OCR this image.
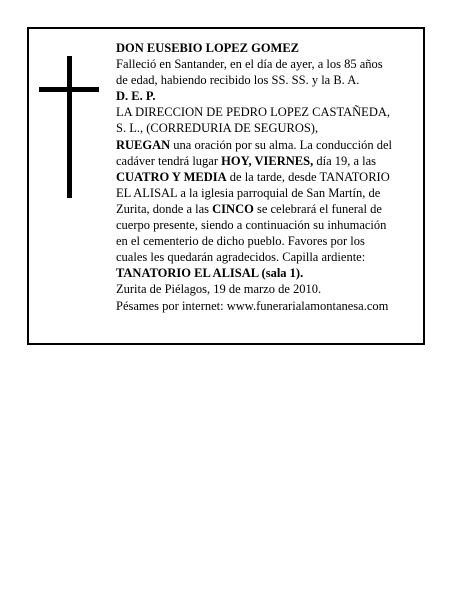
DON EUSEBIO LOPEZ GOMEZ
Falleció en Santander, en el día de ayer, a los 85 años
de edad, habiendo recibido los SS. SS. y la B. A.
D. E. P.
LA DIRECCION DE PEDRO LOPEZ CASTAÑEDA,
S. L., (CORREDURIA DE SEGUROS),
RUEGAN una oración por su alma. La conducción del
cadáver tendrá lugar HOY, VIERNES, día 19, a las
CUATRO Y MEDIA de la tarde, desde TANATORIO
EL ALISAL a la iglesia parroquial de San Martín, de
Zurita, donde a las CINCO se celebrará el funeral de
cuerpo presente, siendo a continuación su inhumación
en el cementerio de dicho pueblo. Favores por los
cuales les quedarán agradecidos. Capilla ardiente:
TANATORIO EL ALISAL (sala 1).
Zurita de Piélagos, 19 de marzo de 2010.
Pésames por internet: www.funerarialamontanesa.com
